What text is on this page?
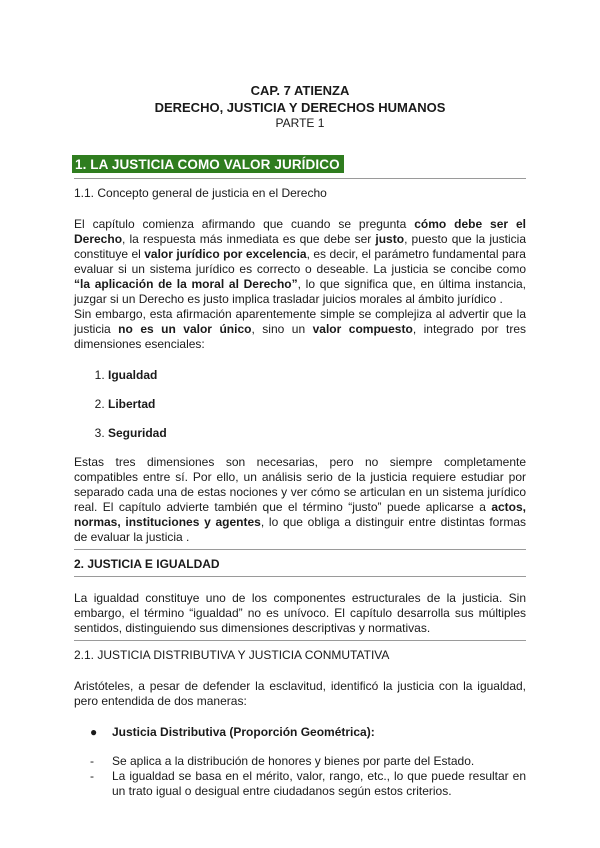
CAP. 7 ATIENZA
DERECHO, JUSTICIA Y DERECHOS HUMANOS
PARTE 1
1. LA JUSTICIA COMO VALOR JURÍDICO
1.1. Concepto general de justicia en el Derecho

El capítulo comienza afirmando que cuando se pregunta cómo debe ser el Derecho, la respuesta más inmediata es que debe ser justo, puesto que la justicia constituye el valor jurídico por excelencia, es decir, el parámetro fundamental para evaluar si un sistema jurídico es correcto o deseable. La justicia se concibe como “la aplicación de la moral al Derecho”, lo que significa que, en última instancia, juzgar si un Derecho es justo implica trasladar juicios morales al ámbito jurídico .

Sin embargo, esta afirmación aparentemente simple se complejiza al advertir que la justicia no es un valor único, sino un valor compuesto, integrado por tres dimensiones esenciales:

1. Igualdad
2. Libertad
3. Seguridad

Estas tres dimensiones son necesarias, pero no siempre completamente compatibles entre sí. Por ello, un análisis serio de la justicia requiere estudiar por separado cada una de estas nociones y ver cómo se articulan en un sistema jurídico real. El capítulo advierte también que el término “justo” puede aplicarse a actos, normas, instituciones y agentes, lo que obliga a distinguir entre distintas formas de evaluar la justicia .

2. JUSTICIA E IGUALDAD

La igualdad constituye uno de los componentes estructurales de la justicia. Sin embargo, el término “igualdad” no es unívoco. El capítulo desarrolla sus múltiples sentidos, distinguiendo sus dimensiones descriptivas y normativas.

2.1. JUSTICIA DISTRIBUTIVA Y JUSTICIA CONMUTATIVA

Aristóteles, a pesar de defender la esclavitud, identificó la justicia con la igualdad, pero entendida de dos maneras:

● Justicia Distributiva (Proporción Geométrica):
- Se aplica a la distribución de honores y bienes por parte del Estado.
- La igualdad se basa en el mérito, valor, rango, etc., lo que puede resultar en un trato igual o desigual entre ciudadanos según estos criterios.
